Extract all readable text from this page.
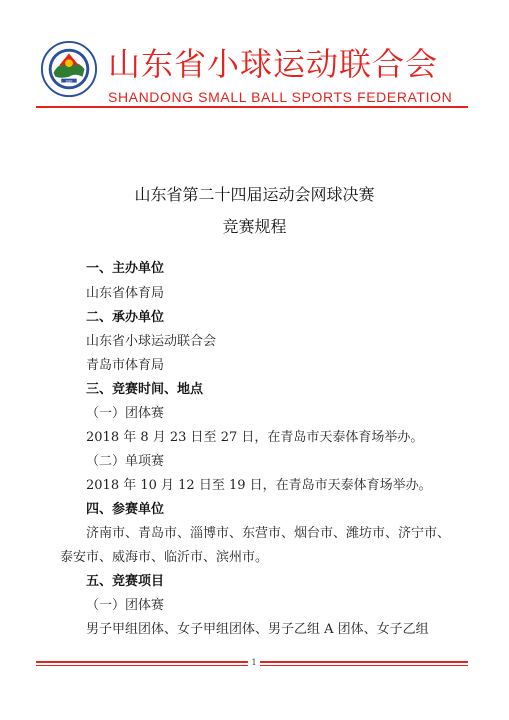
SSF 山东省小球运动联合会
SHANDONG SMALL BALL SPORTS FEDERATION
山东省第二十四届运动会网球决赛
竞赛规程
一、主办单位
山东省体育局
二、承办单位
山东省小球运动联合会
青岛市体育局
三、竞赛时间、地点
（一）团体赛
2018 年 8 月 23 日至 27 日，在青岛市天泰体育场举办。
（二）单项赛
2018 年 10 月 12 日至 19 日，在青岛市天泰体育场举办。
四、参赛单位
济南市、青岛市、淄博市、东营市、烟台市、潍坊市、济宁市、
泰安市、威海市、临沂市、滨州市。
五、竞赛项目
（一）团体赛
男子甲组团体、女子甲组团体、男子乙组 A 团体、女子乙组
1
